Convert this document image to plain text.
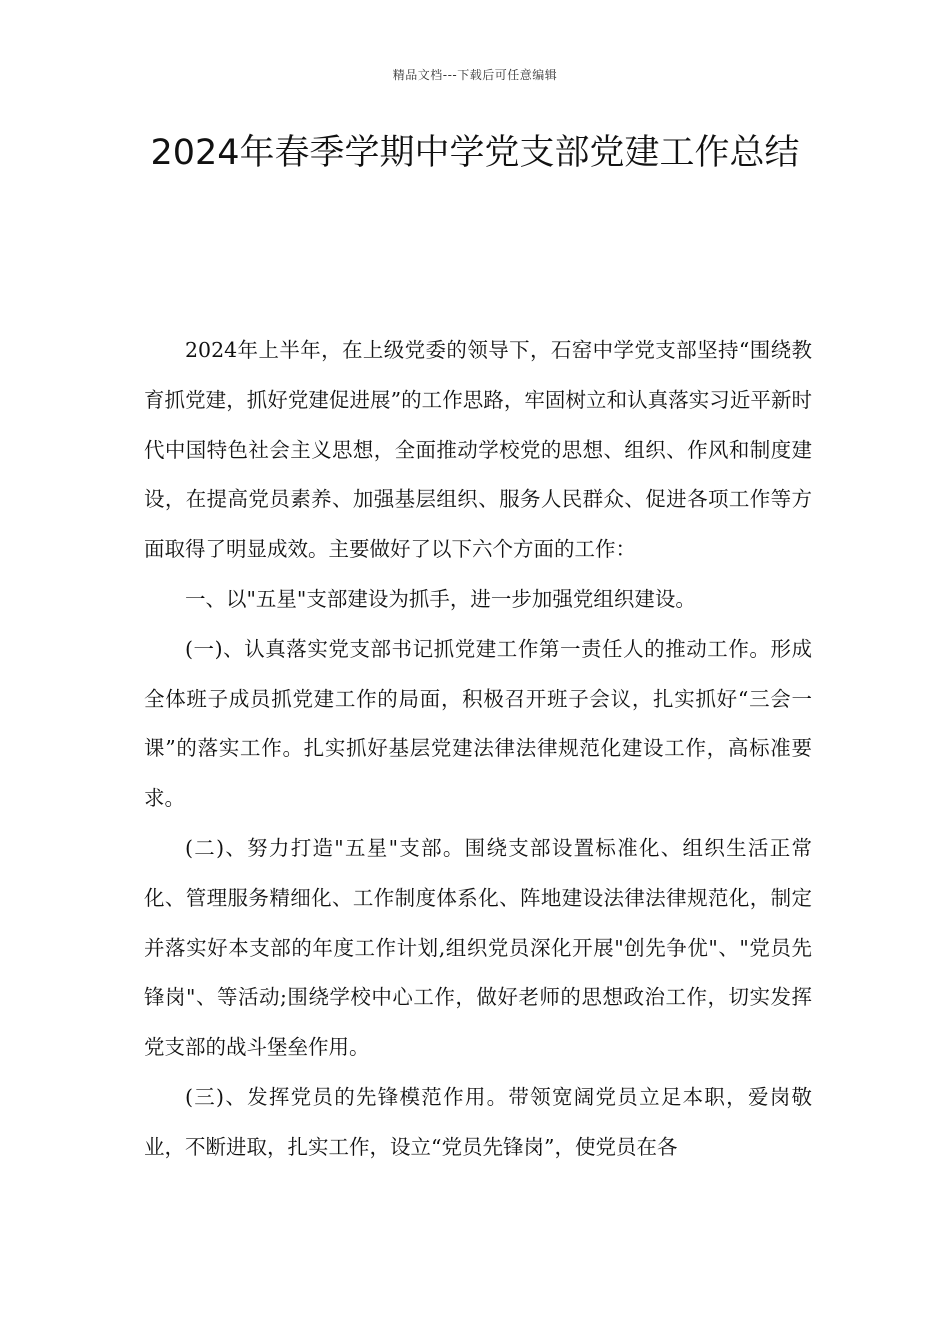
精品文档---下载后可任意编辑
2024年春季学期中学党支部党建工作总结

2024年上半年，在上级党委的领导下，石窑中学党支部坚持“围绕教育抓党建，抓好党建促进展”的工作思路，牢固树立和认真落实习近平新时代中国特色社会主义思想，全面推动学校党的思想、组织、作风和制度建设，在提高党员素养、加强基层组织、服务人民群众、促进各项工作等方面取得了明显成效。主要做好了以下六个方面的工作：

一、以"五星"支部建设为抓手，进一步加强党组织建设。

(一)、认真落实党支部书记抓党建工作第一责任人的推动工作。形成全体班子成员抓党建工作的局面，积极召开班子会议，扎实抓好“三会一课”的落实工作。扎实抓好基层党建法律法律规范化建设工作，高标准要求。

(二)、努力打造"五星"支部。围绕支部设置标准化、组织生活正常化、管理服务精细化、工作制度体系化、阵地建设法律法律规范化，制定并落实好本支部的年度工作计划,组织党员深化开展"创先争优"、"党员先锋岗"、等活动;围绕学校中心工作，做好老师的思想政治工作，切实发挥党支部的战斗堡垒作用。

(三)、发挥党员的先锋模范作用。带领宽阔党员立足本职，爱岗敬业，不断进取，扎实工作，设立“党员先锋岗”，使党员在各
